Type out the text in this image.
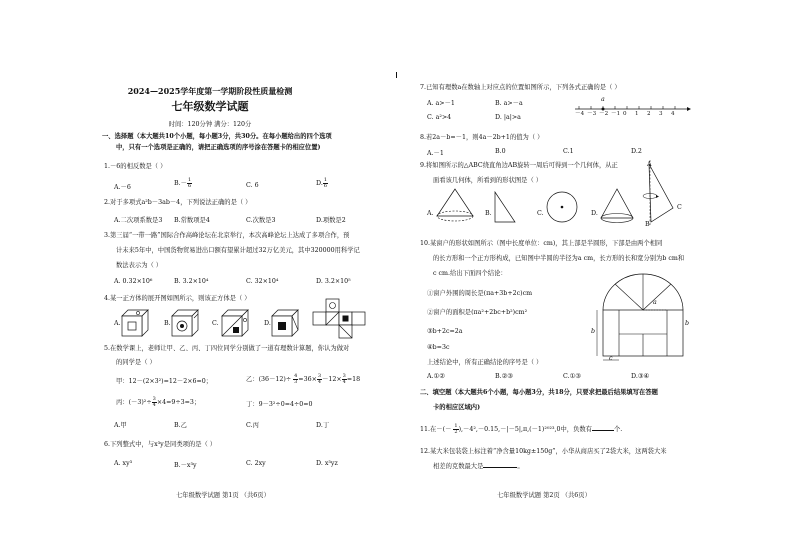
2024—2025学年度第一学期阶段性质量检测
七年级数学试题
时间：120分钟 满分：120分
一、选择题（本大题共10个小题，每小题3分，共30分。在每小题给出的四个选项
中，只有一个选项是正确的，请把正确选项的序号涂在答题卡的相应位置)
1.－6的相反数是（ ）
A.－6
$B.- \frac{1}{6}$	C. 6	D. $\frac{1}{6}$
2.对于多项式a²b－3ab－4，下列说法正确的是（ ）
A.二次项系数是3 B.常数项是4	C.次数是3	D.项数是2
3.第三届“一带一路”国际合作高峰论坛在北京举行，本次高峰论坛上达成了多项合作，预
计未来5年中，中国货物贸易进出口额有望累计超过32万亿美元，其中320000用科学记
数法表示为（ ）
A. 0.32×10⁶	B. 3.2×10⁴	C. 32×10⁴	D. 3.2×10⁵
4.某一正方体的展开图如图所示，则该正方体是（ ）
A.	B.	C.	D.
5.在数学课上，老师让甲、乙、丙、丁四位同学分别做了一道有理数计算题，你认为做对
的同学是（ ）
甲：12－(2×3²)=12－2×6=0；	乙：$(36-12)\div \frac{4}{3} =36\times \frac{3}{4} -12\times \frac{3}{4} =18$
丙：$(-3)^2\div \frac{3}{4} \times 4=9\div 3=3$；	丁：9－3²÷0=4÷0=0
A.甲	B.乙	C.丙	D.丁
6.下列整式中，与x³y是同类项的是（ ）
A. xy³	B.－x³y	C. 2xy	D. x³yz
七年级数学试题 第1页 （共6页）
7.已知有理数a在数轴上对应点的位置如图所示，下列各式正确的是（ ）
A. a>－1	B. a>－a
C. a²>4	D. |a|>a
a
－4 －3 －2 －1 0 1 2 3 4
8.若2a－b=－1，则4a－2b+1的值为（ ）
A.－1	B.0	C.1	D.2
9.将如图所示的△ABC绕直角边AB旋转一周后可得到一个几何体，从正
面看该几何体，所看到的形状图是（ ）
A
B
C
A.	B.	C.	D.
10.某窗户的形状如图所示（图中长度单位：cm)，其上部是半圆形，下部是由两个相同
的长方形和一个正方形构成，已知图中半圆的半径为a cm，长方形的长和宽分别为b cm和
c cm.给出下面四个结论：
①窗户外围的周长是(πa+3b+2c)cm
②窗户的面积是(πa²+2bc+b²)cm²
③b+2c=2a
④b=3c
上述结论中，所有正确结论的序号是（ ）
A.①②	B.②③	C.①③	D.③④
a
b
b
c
二、填空题（本大题共6个小题，每小题3分，共18分，只要求把最后结果填写在答题
卡的相应区域内)
11.在－(－ $\frac{1}{2} ),-4^2,-0.15,-|-5|,\pi,(-1)^{2023},0$中，负数有	个.
12.某大米包装袋上标注着“净含量10kg±150g”，小华从商店买了2袋大米，这两袋大米
相差的克数最大是	。
七年级数学试题 第2页 （共6页）
